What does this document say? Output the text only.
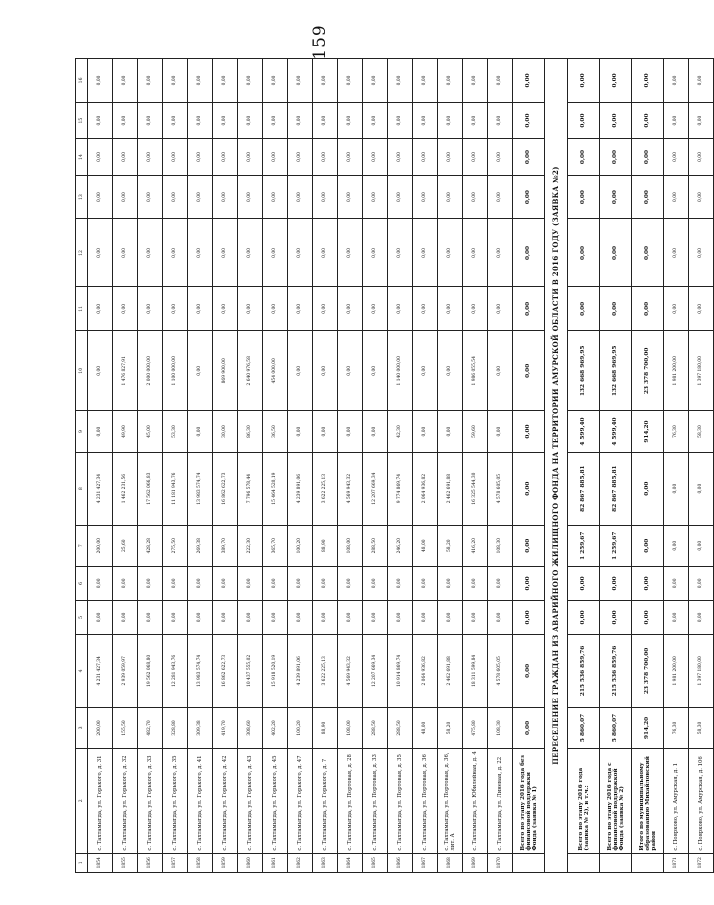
159
1	2	3	4	5	6	7	8	9	10	11	12	13	14	15	16
1854	с. Тахтамыгда, ул. Горького, д. 31	200,00	4 231 427,34	0,00	0,00	200,00	4 231 427,34	0,00	0,00	0,00	0,00	0,00	0,00	0,00	0,00
1855	с. Тахтамыгда, ул. Горького, д. 32	155,50	2 939 059,97	0,00	0,00	25,60	1 462 231,56	49,90	1 476 827,91	0,00	0,00	0,00	0,00	0,00	0,00
1856	с. Тахтамыгда, ул. Горького, д. 33	482,70	19 562 068,80	0,00	0,00	428,28	17 562 066,83	45,00	2 000 000,00	0,00	0,00	0,00	0,00	0,00	0,00
1857	с. Тахтамыгда, ул. Горького, д. 35	328,80	12 281 943,76	0,00	0,00	275,50	11 181 943,76	53,30	1 100 000,00	0,00	0,00	0,00	0,00	0,00	0,00
1858	с. Тахтамыгда, ул. Горького, д. 41	309,38	13 983 574,74	0,00	0,00	269,38	13 983 574,74	0,00	0,00	0,00	0,00	0,00	0,00	0,00	0,00
1859	с. Тахтамыгда, ул. Горького, д. 42	419,70	16 862 622,73	0,00	0,00	389,70	16 862 622,73	30,00	869 900,00	0,00	0,00	0,00	0,00	0,00	0,00
1860	с. Тахтамыгда, ул. Горького, д. 43	308,60	10 437 555,02	0,00	0,00	222,30	7 796 578,44	86,30	2 640 976,58	0,00	0,00	0,00	0,00	0,00	0,00
1861	с. Тахтамыгда, ул. Горького, д. 45	402,20	15 918 520,19	0,00	0,00	365,70	15 464 520,19	36,50	454 000,00	0,00	0,00	0,00	0,00	0,00	0,00
1862	с. Тахтамыгда, ул. Горького, д. 47	100,20	4 239 891,06	0,00	0,00	100,20	4 239 891,06	0,00	0,00	0,00	0,00	0,00	0,00	0,00	0,00
1863	с. Тахтамыгда, ул. Горького, д. 7	88,90	3 622 225,13	0,00	0,00	88,90	3 622 225,13	0,00	0,00	0,00	0,00	0,00	0,00	0,00	0,00
1864	с. Тахтамыгда, ул. Портовая, д. 28	108,00	4 569 943,32	0,00	0,00	108,00	4 569 943,32	0,00	0,00	0,00	0,00	0,00	0,00	0,00	0,00
1865	с. Тахтамыгда, ул. Портовая, д. 33	288,50	12 207 669,34	0,00	0,00	288,50	12 207 669,34	0,00	0,00	0,00	0,00	0,00	0,00	0,00	0,00
1866	с. Тахтамыгда, ул. Портовая, д. 35	288,50	10 914 869,74	0,00	0,00	246,20	9 774 869,74	42,30	1 140 000,00	0,00	0,00	0,00	0,00	0,00	0,00
1867	с. Тахтамыгда, ул. Портовая, д. 36	48,00	2 064 936,82	0,00	0,00	48,00	2 064 936,82	0,00	0,00	0,00	0,00	0,00	0,00	0,00	0,00
1868	с. Тахтамыгда, ул. Портовая, д. 36, лит. А	58,20	2 462 691,88	0,00	0,00	58,20	2 462 691,88	0,00	0,00	0,00	0,00	0,00	0,00	0,00	0,00
1869	с. Тахтамыгда, ул. Юбилейная, д. 4	475,80	18 311 599,84	0,00	0,00	416,20	16 325 544,30	59,60	1 986 055,54	0,00	0,00	0,00	0,00	0,00	0,00
1870	с. Тахтамыгда, ул. Линевая, д. 22	108,30	4 578 605,05	0,00	0,00	108,30	4 578 605,05	0,00	0,00	0,00	0,00	0,00	0,00	0,00	0,00
	Всего по этапу 2016 года без финансовой поддержки Фонда (заявка № 1)	0,00	0,00	0,00	0,00	0,00	0,00	0,00	0,00	0,00	0,00	0,00	0,00	0,00	0,00
ПЕРЕСЕЛЕНИЕ ГРАЖДАН ИЗ АВАРИЙНОГО ЖИЛИЩНОГО ФОНДА НА ТЕРРИТОРИИ АМУРСКОЙ ОБЛАСТИ В 2016 ГОДУ (ЗАЯВКА №2)															
	Всего по этапу 2016 года (заявка № 2), в т.ч.:	5 860,07	215 536 859,76	0,00	0,00	1 259,67	82 867 885,81	4 599,40	132 668 969,95	0,00	0,00	0,00	0,00	0,00	0,00
	Всего по этапу 2016 года с финансовой поддержкой Фонда (заявка № 2)	5 860,07	215 536 859,76	0,00	0,00	1 259,67	82 867 885,81	4 599,40	132 668 969,95	0,00	0,00	0,00	0,00	0,00	0,00
	Итого по муниципальному образованию Михайловский район	914,20	23 378 700,00	0,00	0,00	0,00	0,00	914,20	23 378 700,00	0,00	0,00	0,00	0,00	0,00	0,00
1871	с. Поярково, ул. Амурская, д. 1	76,30	1 981 200,00	0,00	0,00	0,00	0,00	76,30	1 981 200,00	0,00	0,00	0,00	0,00	0,00	0,00
1872	с. Поярково, ул. Амурская, д. 106	58,30	1 397 180,00	0,00	0,00	0,00	0,00	58,30	1 397 180,00	0,00	0,00	0,00	0,00	0,00	0,00
